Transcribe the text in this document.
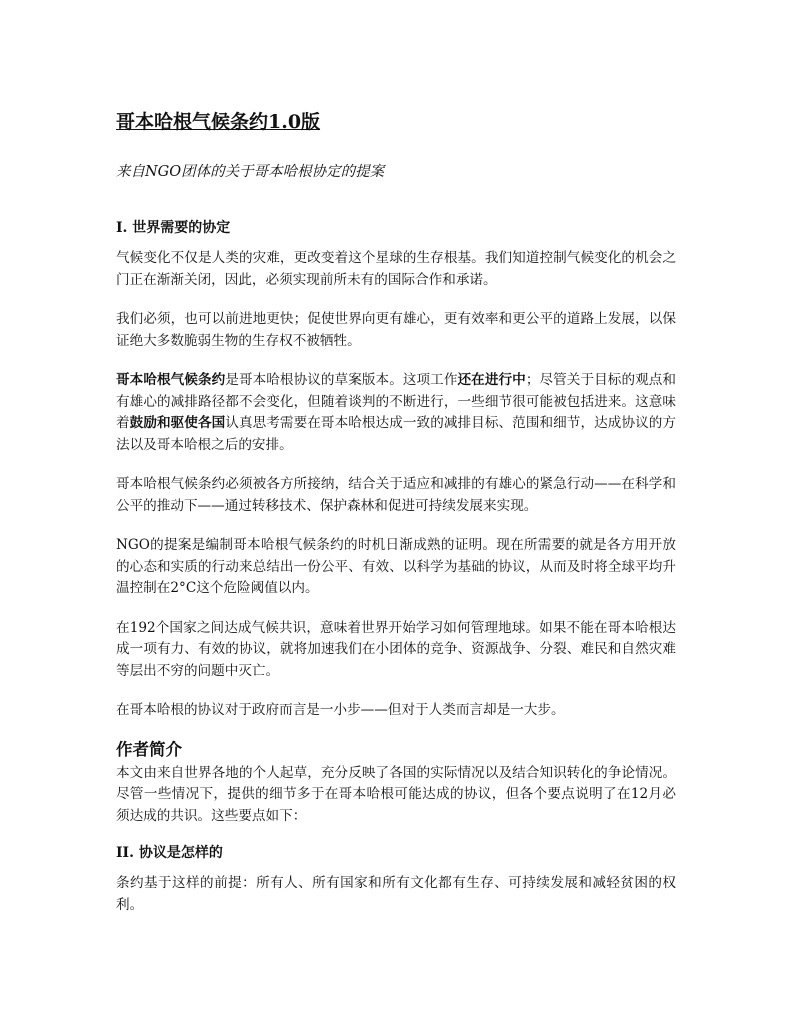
哥本哈根气候条约1.0版
来自NGO团体的关于哥本哈根协定的提案
I. 世界需要的协定
气候变化不仅是人类的灾难，更改变着这个星球的生存根基。我们知道控制气候变化的机会之门正在渐渐关闭，因此，必须实现前所未有的国际合作和承诺。
我们必须，也可以前进地更快；促使世界向更有雄心，更有效率和更公平的道路上发展，以保证绝大多数脆弱生物的生存权不被牺牲。
哥本哈根气候条约是哥本哈根协议的草案版本。这项工作还在进行中；尽管关于目标的观点和有雄心的减排路径都不会变化，但随着谈判的不断进行，一些细节很可能被包括进来。这意味着鼓励和驱使各国认真思考需要在哥本哈根达成一致的减排目标、范围和细节，达成协议的方法以及哥本哈根之后的安排。
哥本哈根气候条约必须被各方所接纳，结合关于适应和减排的有雄心的紧急行动——在科学和公平的推动下——通过转移技术、保护森林和促进可持续发展来实现。
NGO的提案是编制哥本哈根气候条约的时机日渐成熟的证明。现在所需要的就是各方用开放的心态和实质的行动来总结出一份公平、有效、以科学为基础的协议，从而及时将全球平均升温控制在2°C这个危险阈值以内。
在192个国家之间达成气候共识，意味着世界开始学习如何管理地球。如果不能在哥本哈根达成一项有力、有效的协议，就将加速我们在小团体的竞争、资源战争、分裂、难民和自然灾难等层出不穷的问题中灭亡。
在哥本哈根的协议对于政府而言是一小步——但对于人类而言却是一大步。
作者简介
本文由来自世界各地的个人起草，充分反映了各国的实际情况以及结合知识转化的争论情况。尽管一些情况下，提供的细节多于在哥本哈根可能达成的协议，但各个要点说明了在12月必须达成的共识。这些要点如下：
II. 协议是怎样的
条约基于这样的前提：所有人、所有国家和所有文化都有生存、可持续发展和减轻贫困的权利。
